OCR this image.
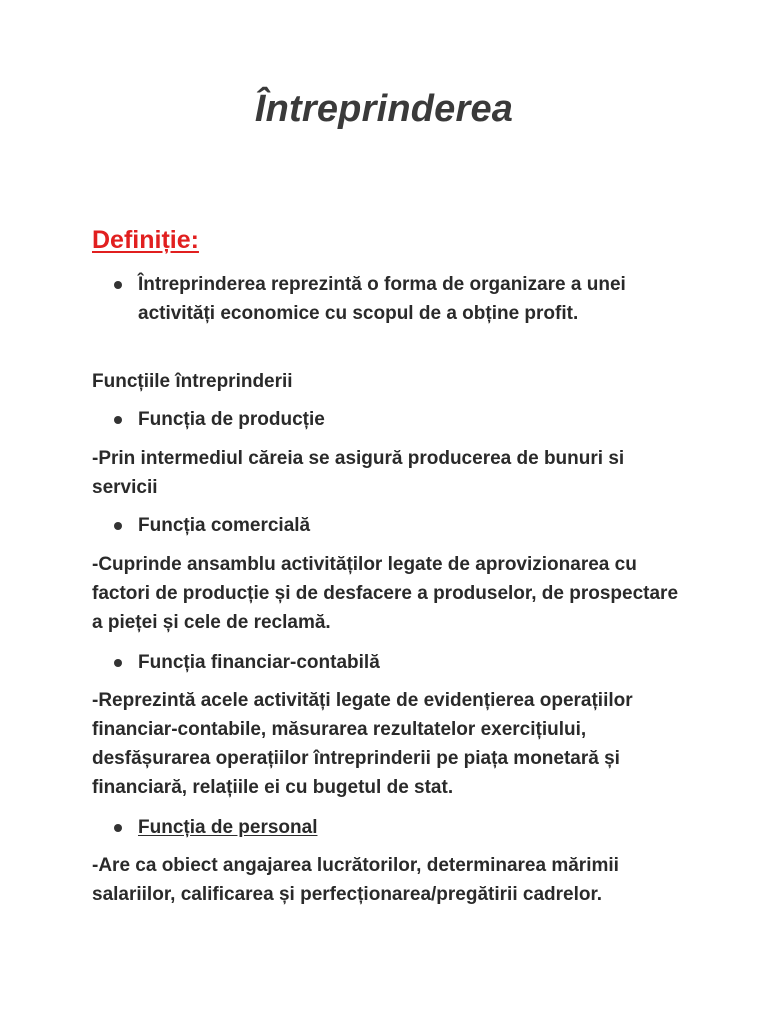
Întreprinderea
Definiție:
Întreprinderea reprezintă o forma de organizare a unei activități economice cu scopul de a obține profit.
Funcțiile întreprinderii
Funcția de producție
-Prin intermediul căreia se asigură producerea de bunuri si servicii
Funcția comercială
-Cuprinde ansamblu activităților legate de aprovizionarea cu factori de producție și de desfacere a produselor, de prospectare a pieței și cele de reclamă.
Funcția financiar-contabilă
-Reprezintă acele activități legate de evidențierea operațiilor financiar-contabile, măsurarea rezultatelor exercițiului, desfășurarea operațiilor întreprinderii pe piața monetară și financiară, relațiile ei cu bugetul de stat.
Funcția de personal
-Are ca obiect angajarea lucrătorilor, determinarea mărimii salariilor, calificarea și perfecționarea/pregătirii cadrelor.
